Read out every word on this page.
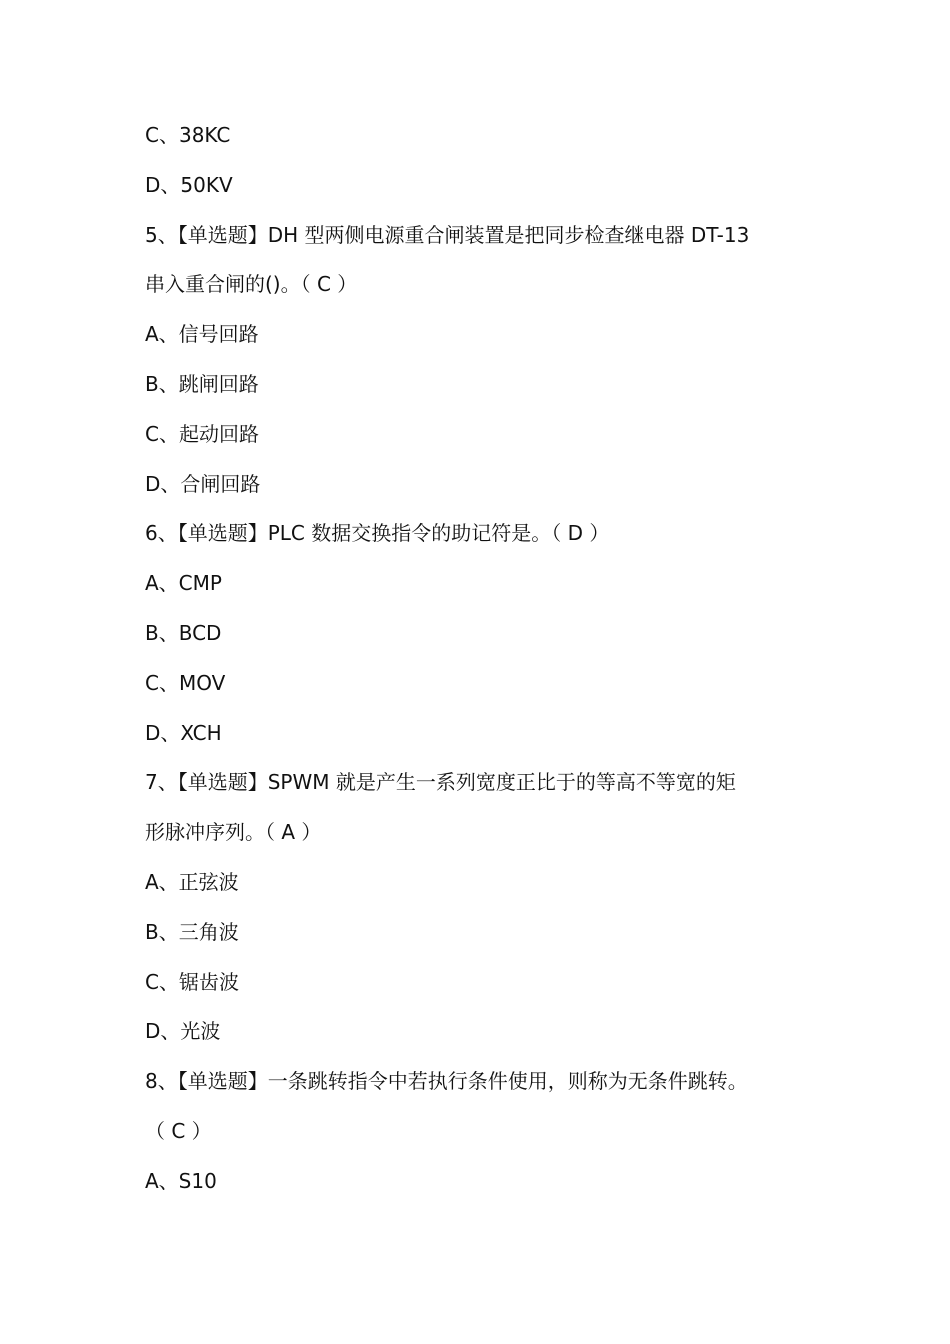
C、38KC
D、50KV
5、【单选题】DH 型两侧电源重合闸装置是把同步检查继电器 DT-13
串入重合闸的()。（ C ）
A、信号回路
B、跳闸回路
C、起动回路
D、合闸回路
6、【单选题】PLC 数据交换指令的助记符是。（ D ）
A、CMP
B、BCD
C、MOV
D、XCH
7、【单选题】SPWM 就是产生一系列宽度正比于的等高不等宽的矩
形脉冲序列。（ A ）
A、正弦波
B、三角波
C、锯齿波
D、光波
8、【单选题】一条跳转指令中若执行条件使用，则称为无条件跳转。
（ C ）
A、S10
